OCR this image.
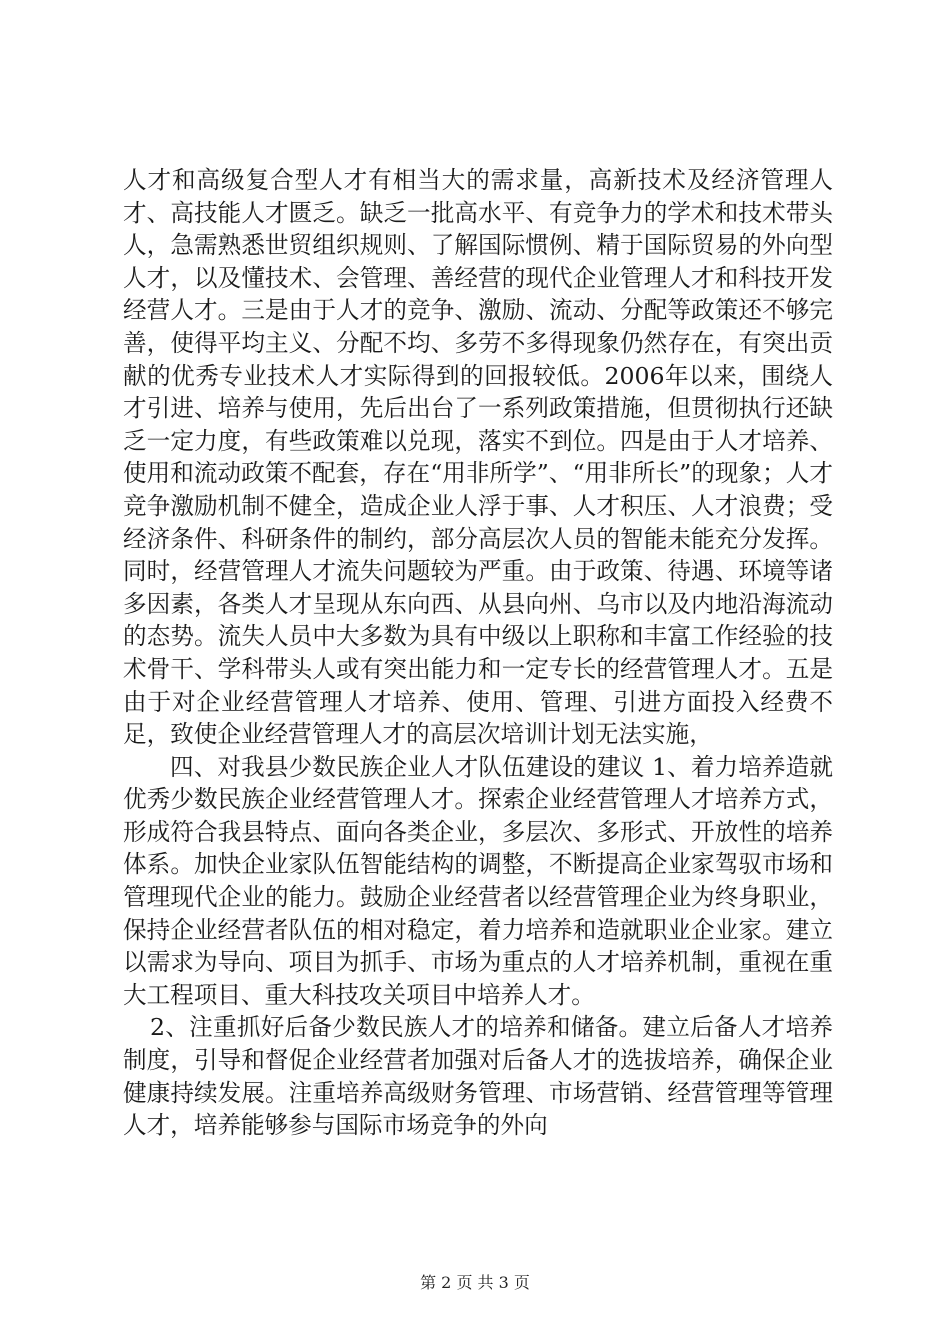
人才和高级复合型人才有相当大的需求量，高新技术及经济管理人才、高技能人才匮乏。缺乏一批高水平、有竞争力的学术和技术带头人，急需熟悉世贸组织规则、了解国际惯例、精于国际贸易的外向型人才，以及懂技术、会管理、善经营的现代企业管理人才和科技开发经营人才。三是由于人才的竞争、激励、流动、分配等政策还不够完善，使得平均主义、分配不均、多劳不多得现象仍然存在，有突出贡献的优秀专业技术人才实际得到的回报较低。2006年以来，围绕人才引进、培养与使用，先后出台了一系列政策措施，但贯彻执行还缺乏一定力度，有些政策难以兑现，落实不到位。四是由于人才培养、使用和流动政策不配套，存在“用非所学”、“用非所长”的现象；人才竞争激励机制不健全，造成企业人浮于事、人才积压、人才浪费；受经济条件、科研条件的制约，部分高层次人员的智能未能充分发挥。同时，经营管理人才流失问题较为严重。由于政策、待遇、环境等诸多因素，各类人才呈现从东向西、从县向州、乌市以及内地沿海流动的态势。流失人员中大多数为具有中级以上职称和丰富工作经验的技术骨干、学科带头人或有突出能力和一定专长的经营管理人才。五是由于对企业经营管理人才培养、使用、管理、引进方面投入经费不足，致使企业经营管理人才的高层次培训计划无法实施，

四、对我县少数民族企业人才队伍建设的建议 1、着力培养造就优秀少数民族企业经营管理人才。探索企业经营管理人才培养方式，形成符合我县特点、面向各类企业，多层次、多形式、开放性的培养体系。加快企业家队伍智能结构的调整，不断提高企业家驾驭市场和管理现代企业的能力。鼓励企业经营者以经营管理企业为终身职业，保持企业经营者队伍的相对稳定，着力培养和造就职业企业家。建立以需求为导向、项目为抓手、市场为重点的人才培养机制，重视在重大工程项目、重大科技攻关项目中培养人才。

2、注重抓好后备少数民族人才的培养和储备。建立后备人才培养制度，引导和督促企业经营者加强对后备人才的选拔培养，确保企业健康持续发展。注重培养高级财务管理、市场营销、经营管理等管理人才，培养能够参与国际市场竞争的外向

第 2 页 共 3 页
